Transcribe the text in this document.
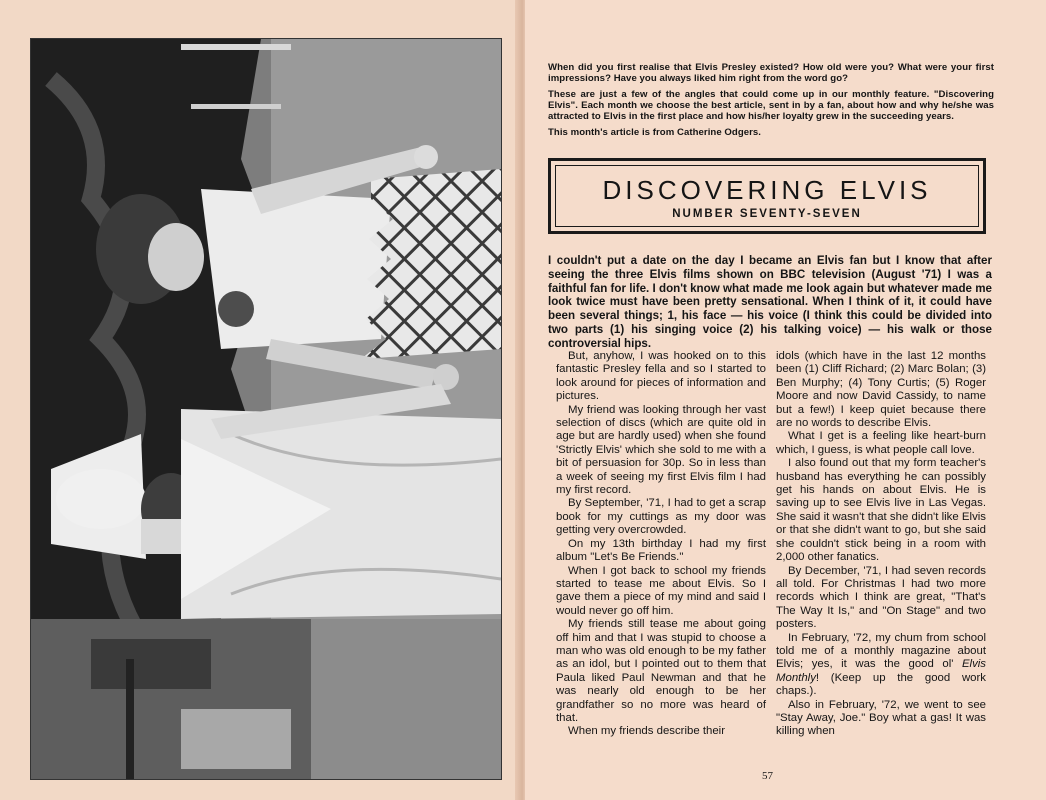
When did you first realise that Elvis Presley existed? How old were you? What were your first impressions? Have you always liked him right from the word go?

These are just a few of the angles that could come up in our monthly feature. "Discovering Elvis". Each month we choose the best article, sent in by a fan, about how and why he/she was attracted to Elvis in the first place and how his/her loyalty grew in the succeeding years.

This month's article is from Catherine Odgers.

DISCOVERING ELVIS
NUMBER SEVENTY-SEVEN
I couldn't put a date on the day I became an Elvis fan but I know that after seeing the three Elvis films shown on BBC television (August '71) I was a faithful fan for life. I don't know what made me look again but whatever made me look twice must have been pretty sensational. When I think of it, it could have been several things; 1, his face — his voice (I think this could be divided into two parts (1) his singing voice (2) his talking voice) — his walk or those controversial hips.

But, anyhow, I was hooked on to this fantastic Presley fella and so I started to look around for pieces of information and pictures.

My friend was looking through her vast selection of discs (which are quite old in age but are hardly used) when she found 'Strictly Elvis' which she sold to me with a bit of persuasion for 30p. So in less than a week of seeing my first Elvis film I had my first record.

By September, '71, I had to get a scrap book for my cuttings as my door was getting very overcrowded.

On my 13th birthday I had my first album "Let's Be Friends."

When I got back to school my friends started to tease me about Elvis. So I gave them a piece of my mind and said I would never go off him.

My friends still tease me about going off him and that I was stupid to choose a man who was old enough to be my father as an idol, but I pointed out to them that Paula liked Paul Newman and that he was nearly old enough to be her grandfather so no more was heard of that.

When my friends describe their

idols (which have in the last 12 months been (1) Cliff Richard; (2) Marc Bolan; (3) Ben Murphy; (4) Tony Curtis; (5) Roger Moore and now David Cassidy, to name but a few!) I keep quiet because there are no words to describe Elvis.

What I get is a feeling like heart-burn which, I guess, is what people call love.

I also found out that my form teacher's husband has everything he can possibly get his hands on about Elvis. He is saving up to see Elvis live in Las Vegas. She said it wasn't that she didn't like Elvis or that she didn't want to go, but she said she couldn't stick being in a room with 2,000 other fanatics.

By December, '71, I had seven records all told. For Christmas I had two more records which I think are great, "That's The Way It Is," and "On Stage" and two posters.

In February, '72, my chum from school told me of a monthly magazine about Elvis; yes, it was the good ol' Elvis Monthly! (Keep up the good work chaps.).

Also in February, '72, we went to see "Stay Away, Joe." Boy what a gas! It was killing when

57
